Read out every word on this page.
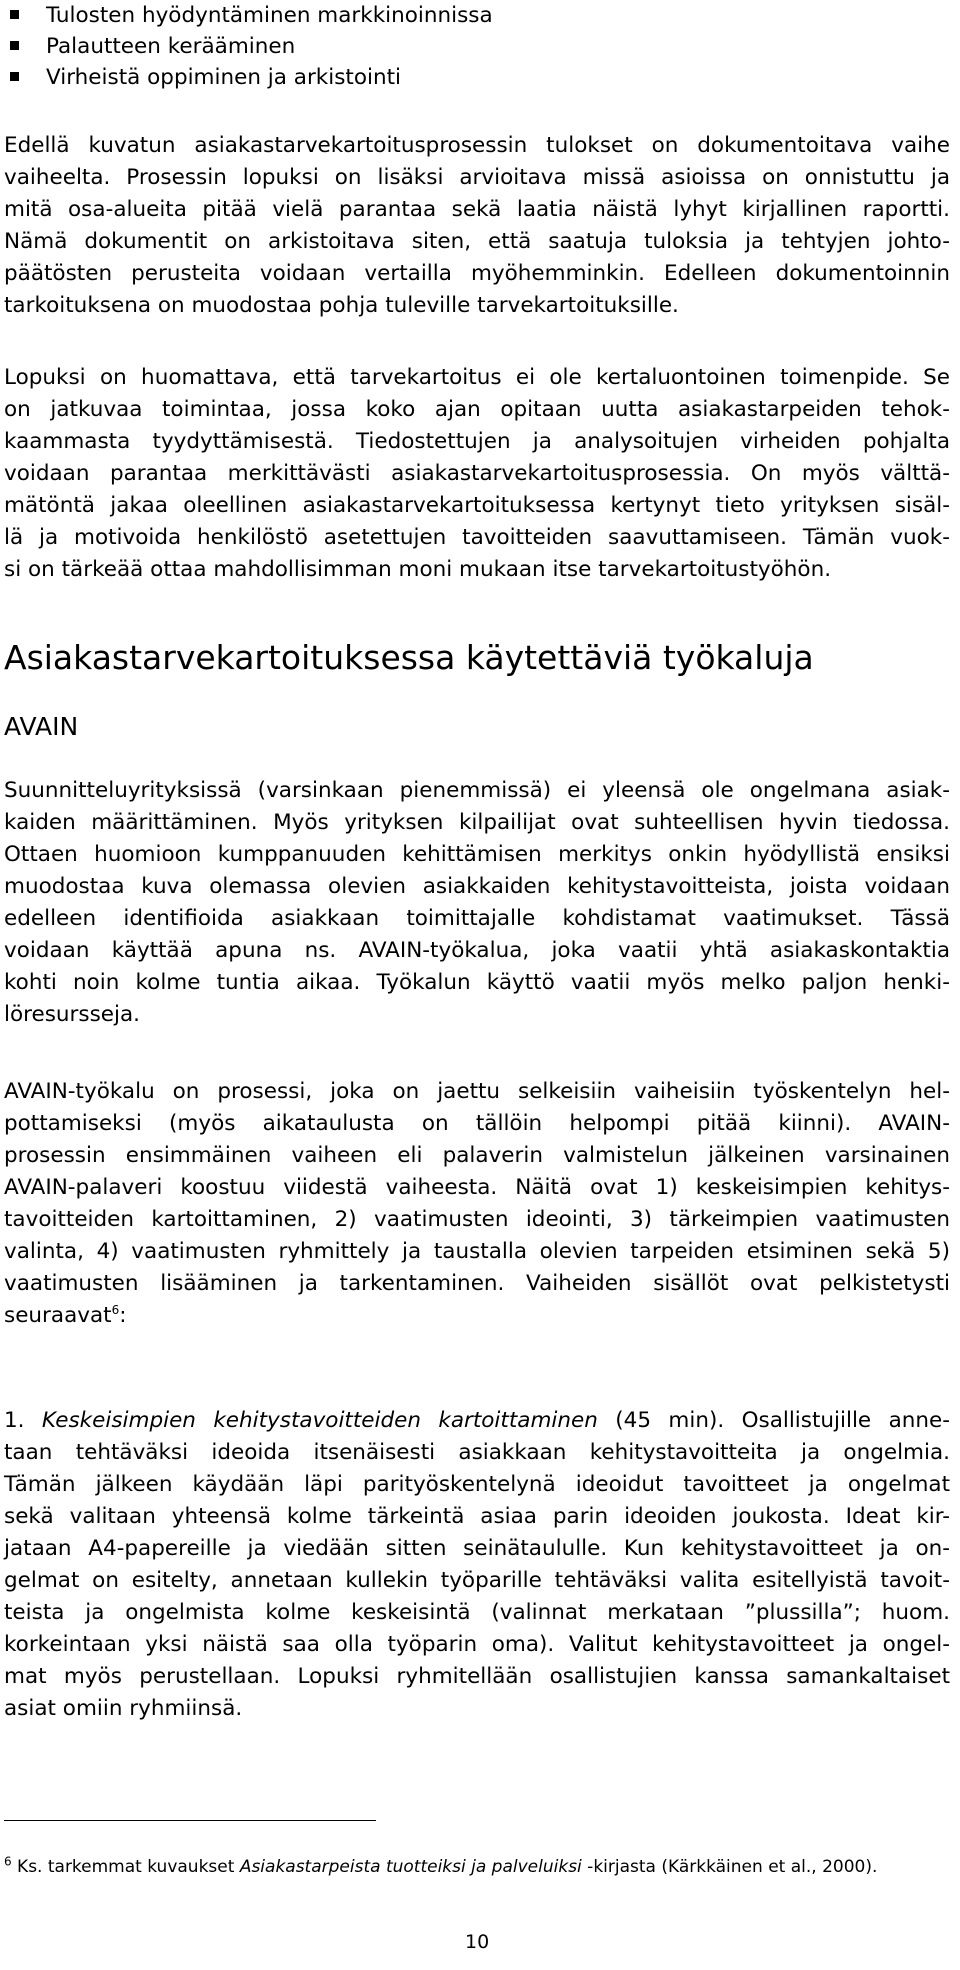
Tulosten hyödyntäminen markkinoinnissa
Palautteen kerääminen
Virheistä oppiminen ja arkistointi

Edellä kuvatun asiakastarvekartoitusprosessin tulokset on dokumentoitava vaihe
vaiheelta. Prosessin lopuksi on lisäksi arvioitava missä asioissa on onnistuttu ja
mitä osa-alueita pitää vielä parantaa sekä laatia näistä lyhyt kirjallinen raportti.
Nämä dokumentit on arkistoitava siten, että saatuja tuloksia ja tehtyjen johto-
päätösten perusteita voidaan vertailla myöhemminkin. Edelleen dokumentoinnin
tarkoituksena on muodostaa pohja tuleville tarvekartoituksille.

Lopuksi on huomattava, että tarvekartoitus ei ole kertaluontoinen toimenpide. Se
on jatkuvaa toimintaa, jossa koko ajan opitaan uutta asiakastarpeiden tehok-
kaammasta tyydyttämisestä. Tiedostettujen ja analysoitujen virheiden pohjalta
voidaan parantaa merkittävästi asiakastarvekartoitusprosessia. On myös välttä-
mätöntä jakaa oleellinen asiakastarvekartoituksessa kertynyt tieto yrityksen sisäl-
lä ja motivoida henkilöstö asetettujen tavoitteiden saavuttamiseen. Tämän vuok-
si on tärkeää ottaa mahdollisimman moni mukaan itse tarvekartoitustyöhön.

Asiakastarvekartoituksessa käytettäviä työkaluja
AVAIN

Suunnitteluyrityksissä (varsinkaan pienemmissä) ei yleensä ole ongelmana asiak-
kaiden määrittäminen. Myös yrityksen kilpailijat ovat suhteellisen hyvin tiedossa.
Ottaen huomioon kumppanuuden kehittämisen merkitys onkin hyödyllistä ensiksi
muodostaa kuva olemassa olevien asiakkaiden kehitystavoitteista, joista voidaan
edelleen identifioida asiakkaan toimittajalle kohdistamat vaatimukset. Tässä
voidaan käyttää apuna ns. AVAIN-työkalua, joka vaatii yhtä asiakaskontaktia
kohti noin kolme tuntia aikaa. Työkalun käyttö vaatii myös melko paljon henki-
löresursseja.

AVAIN-työkalu on prosessi, joka on jaettu selkeisiin vaiheisiin työskentelyn hel-
pottamiseksi (myös aikataulusta on tällöin helpompi pitää kiinni). AVAIN-
prosessin ensimmäinen vaiheen eli palaverin valmistelun jälkeinen varsinainen
AVAIN-palaveri koostuu viidestä vaiheesta. Näitä ovat 1) keskeisimpien kehitys-
tavoitteiden kartoittaminen, 2) vaatimusten ideointi, 3) tärkeimpien vaatimusten
valinta, 4) vaatimusten ryhmittely ja taustalla olevien tarpeiden etsiminen sekä 5)
vaatimusten lisääminen ja tarkentaminen. Vaiheiden sisällöt ovat pelkistetysti
seuraavat$^6$:

1. Keskeisimpien kehitystavoitteiden kartoittaminen (45 min). Osallistujille anne-
taan tehtäväksi ideoida itsenäisesti asiakkaan kehitystavoitteita ja ongelmia.
Tämän jälkeen käydään läpi parityöskentelynä ideoidut tavoitteet ja ongelmat
sekä valitaan yhteensä kolme tärkeintä asiaa parin ideoiden joukosta. Ideat kir-
jataan A4-papereille ja viedään sitten seinätaululle. Kun kehitystavoitteet ja on-
gelmat on esitelty, annetaan kullekin työparille tehtäväksi valita esitellyistä tavoit-
teista ja ongelmista kolme keskeisintä (valinnat merkataan ”plussilla”; huom.
korkeintaan yksi näistä saa olla työparin oma). Valitut kehitystavoitteet ja ongel-
mat myös perustellaan. Lopuksi ryhmitellään osallistujien kanssa samankaltaiset
asiat omiin ryhmiinsä.

$^6$ Ks. tarkemmat kuvaukset Asiakastarpeista tuotteiksi ja palveluiksi -kirjasta (Kärkkäinen et al., 2000).
10
